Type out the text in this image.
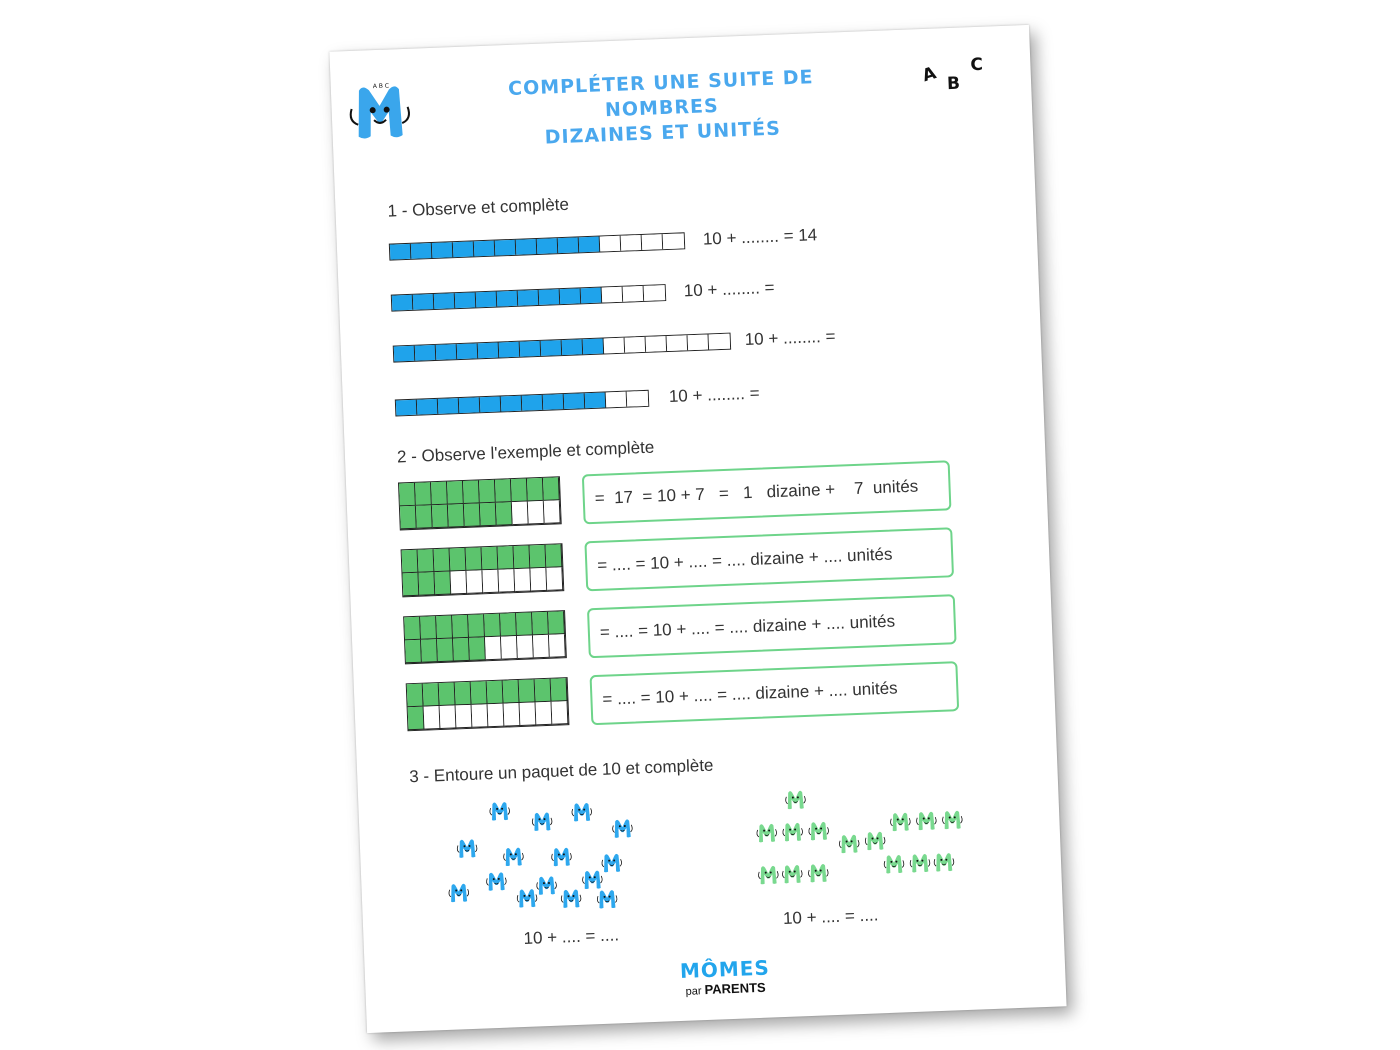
A B C	COMPLÉTER UNE SUITE DE NOMBRES
DIZAINES ET UNITÉS
A B
C
1 - Observe et complète
10 + ........ = 14
10 + ........ =
10 + ........ =
10 + ........ =
2 - Observe l'exemple et complète
=  17  = 10 + 7   =   1   dizaine +    7  unités
= .... = 10 + .... = .... dizaine + .... unités
= .... = 10 + .... = .... dizaine + .... unités
= .... = 10 + .... = .... dizaine + .... unités
3 - Entoure un paquet de 10 et complète
10 + .... = ....
10 + .... = ....
MÔMES
par PARENTS
